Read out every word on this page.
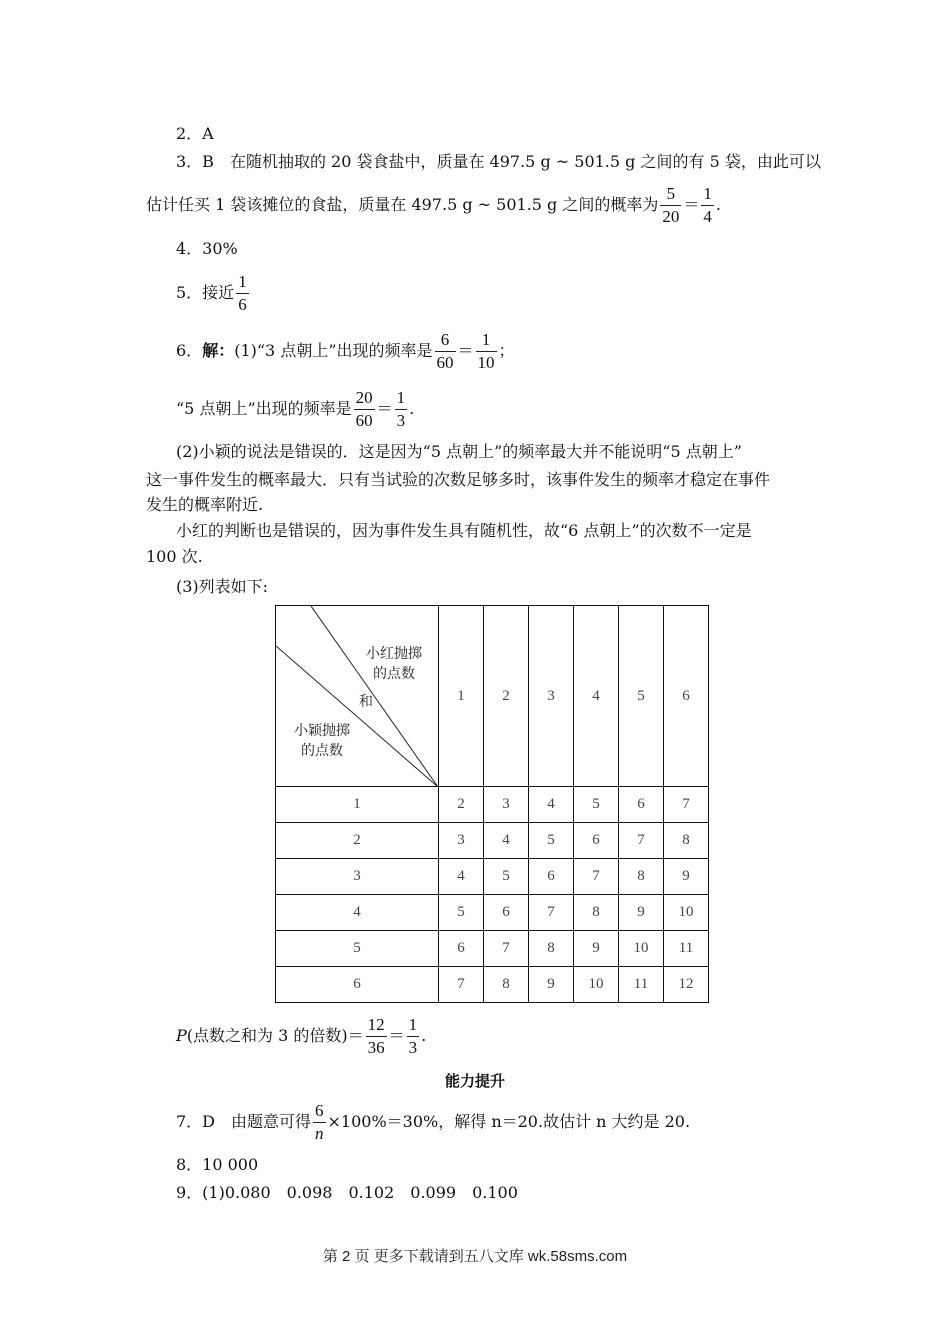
2．A
3．B　在随机抽取的 20 袋食盐中，质量在 497.5 g ~ 501.5 g 之间的有 5 袋，由此可以
估计任买 1 袋该摊位的食盐，质量在 497.5 g ~ 501.5 g 之间的概率为 $\frac{5}{20} = \frac{1}{4}$ .
4．30%
5．接近 $\frac{1}{6}$
6．解：(1)“3 点朝上”出现的频率是 $\frac{6}{60} = \frac{1}{10}$ ；
“5 点朝上”出现的频率是 $\frac{20}{60} = \frac{1}{3}$ .
(2)小颖的说法是错误的．这是因为“5 点朝上”的频率最大并不能说明“5 点朝上”
这一事件发生的概率最大．只有当试验的次数足够多时，该事件发生的频率才稳定在事件
发生的概率附近.
小红的判断也是错误的，因为事件发生具有随机性，故“6 点朝上”的次数不一定是
100 次.
(3)列表如下:
小红抛掷
的点数
和
小颖抛掷
的点数	1	2	3	4	5	6
1	2	3	4	5	6	7
2	3	4	5	6	7	8
3	4	5	6	7	8	9
4	5	6	7	8	9	10
5	6	7	8	9	10	11
6	7	8	9	10	11	12
P(点数之和为 3 的倍数)＝ $\frac{12}{36} = \frac{1}{3}$ .
能力提升
7．D　由题意可得 $\frac{6}{n} \times 100\%=30\%$，解得 n＝20.故估计 n 大约是 20.
8．10 000
9．(1)0.080　0.098　0.102　0.099　0.100
第 2 页 更多下载请到五八文库 wk.58sms.com
